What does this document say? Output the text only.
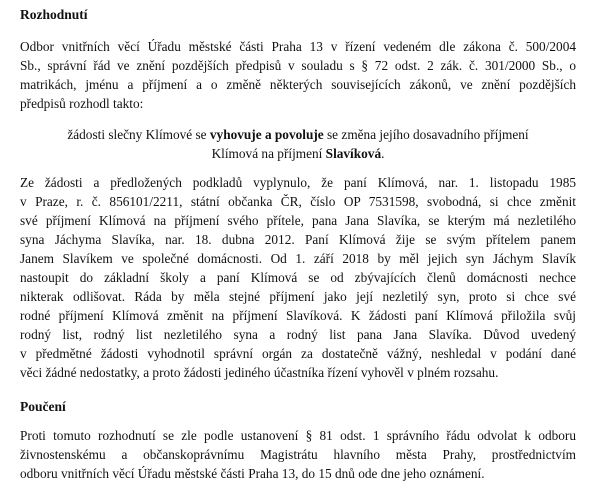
Rozhodnutí
Odbor vnitřních věcí Úřadu městské části Praha 13 v řízení vedeném dle zákona č. 500/2004
Sb., správní řád ve znění pozdějších předpisů v souladu s § 72 odst. 2 zák. č. 301/2000 Sb., o
matrikách, jménu a příjmení a o změně některých souvisejících zákonů, ve znění pozdějších
předpisů rozhodl takto:
žádosti slečny Klímové se vyhovuje a povoluje se změna jejího dosavadního příjmení
Klímová na příjmení Slavíková.
Ze žádosti a předložených podkladů vyplynulo, že paní Klímová, nar. 1. listopadu 1985
v Praze, r. č. 856101/2211, státní občanka ČR, číslo OP 7531598, svobodná, si chce změnit
své příjmení Klímová na příjmení svého přítele, pana Jana Slavíka, se kterým má nezletilého
syna Jáchyma Slavíka, nar. 18. dubna 2012. Paní Klímová žije se svým přítelem panem
Janem Slavíkem ve společné domácnosti. Od 1. září 2018 by měl jejich syn Jáchym Slavík
nastoupit do základní školy a paní Klímová se od zbývajících členů domácnosti nechce
nikterak odlišovat. Ráda by měla stejné příjmení jako její nezletilý syn, proto si chce své
rodné příjmení Klímová změnit na příjmení Slavíková. K žádosti paní Klímová přiložila svůj
rodný list, rodný list nezletilého syna a rodný list pana Jana Slavíka. Důvod uvedený
v předmětné žádosti vyhodnotil správní orgán za dostatečně vážný, neshledal v podání dané
věci žádné nedostatky, a proto žádosti jediného účastníka řízení vyhověl v plném rozsahu.
Poučení
Proti tomuto rozhodnutí se zle podle ustanovení § 81 odst. 1 správního řádu odvolat k odboru
živnostenskému a občanskoprávnímu Magistrátu hlavního města Prahy, prostřednictvím
odboru vnitřních věcí Úřadu městské části Praha 13, do 15 dnů ode dne jeho oznámení.
